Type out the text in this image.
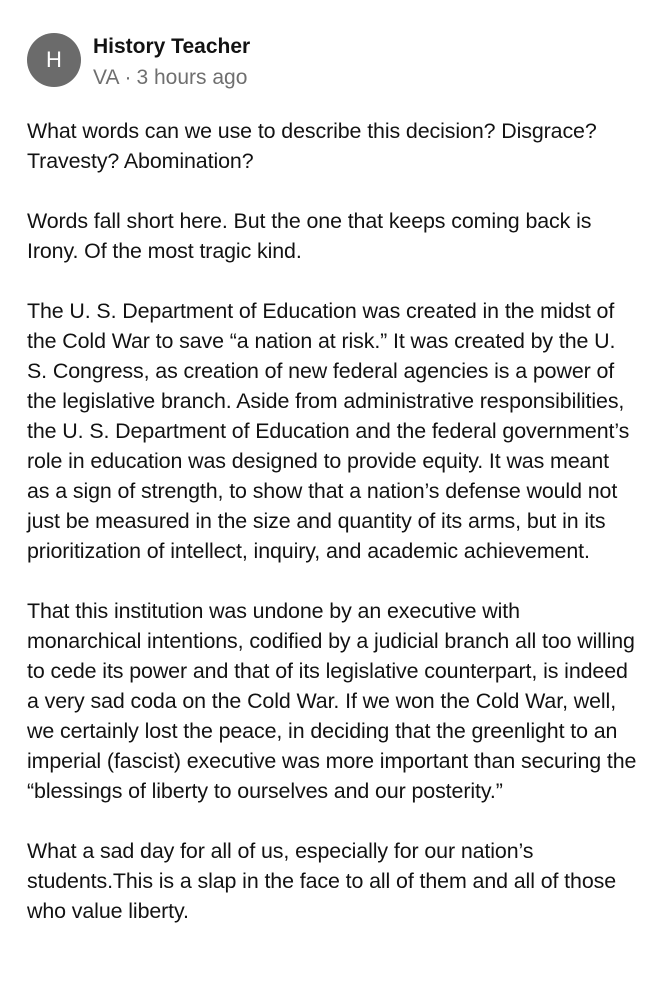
H
History Teacher
VA · 3 hours ago

What words can we use to describe this decision? Disgrace? Travesty? Abomination?

Words fall short here. But the one that keeps coming back is Irony. Of the most tragic kind.

The U. S. Department of Education was created in the midst of the Cold War to save “a nation at risk.” It was created by the U. S. Congress, as creation of new federal agencies is a power of the legislative branch. Aside from administrative responsibilities, the U. S. Department of Education and the federal government’s role in education was designed to provide equity. It was meant as a sign of strength, to show that a nation’s defense would not just be measured in the size and quantity of its arms, but in its prioritization of intellect, inquiry, and academic achievement.

That this institution was undone by an executive with monarchical intentions, codified by a judicial branch all too willing to cede its power and that of its legislative counterpart, is indeed a very sad coda on the Cold War. If we won the Cold War, well, we certainly lost the peace, in deciding that the greenlight to an imperial (fascist) executive was more important than securing the “blessings of liberty to ourselves and our posterity.”

What a sad day for all of us, especially for our nation’s students.This is a slap in the face to all of them and all of those who value liberty.
